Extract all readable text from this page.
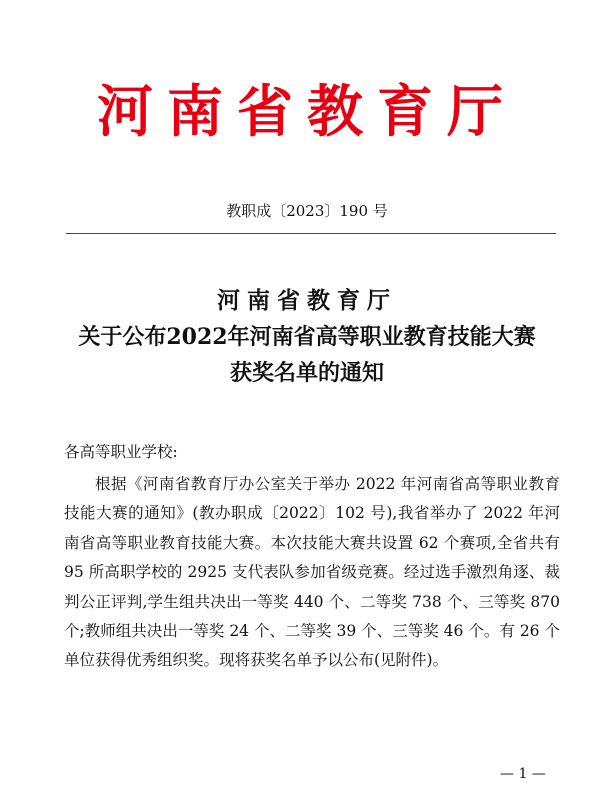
河南省教育厅
教职成〔2023〕190 号
河南省教育厅
关于公布2022年河南省高等职业教育技能大赛
获奖名单的通知
各高等职业学校:
根据《河南省教育厅办公室关于举办 2022 年河南省高等职业教育技能大赛的通知》(教办职成〔2022〕102 号),我省举办了 2022 年河南省高等职业教育技能大赛。本次技能大赛共设置 62 个赛项,全省共有 95 所高职学校的 2925 支代表队参加省级竞赛。经过选手激烈角逐、裁判公正评判,学生组共决出一等奖 440 个、二等奖 738 个、三等奖 870 个;教师组共决出一等奖 24 个、二等奖 39 个、三等奖 46 个。有 26 个单位获得优秀组织奖。现将获奖名单予以公布(见附件)。
— 1 —
